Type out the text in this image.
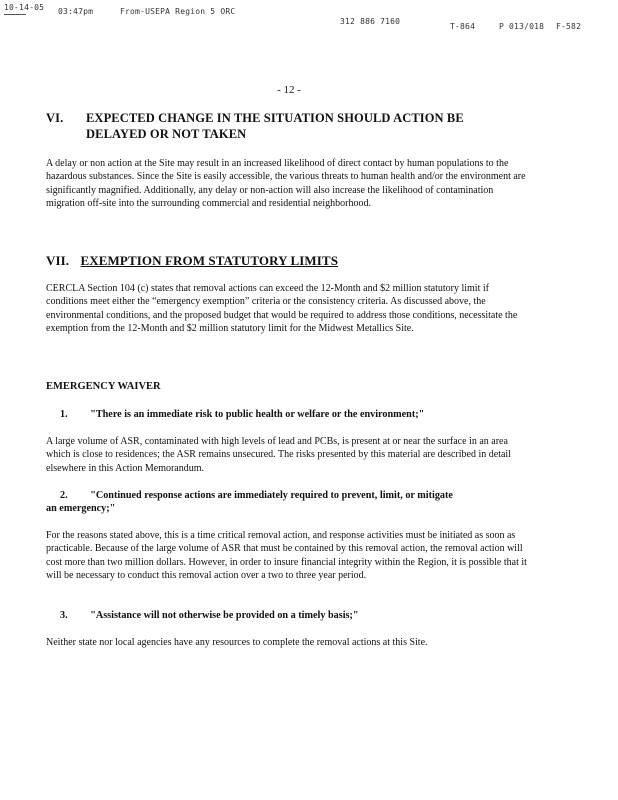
10-14-05 03:47pm	From-USEPA Region 5 ORC
312 886 7160
T-864	P 013/018 F-582
- 12 -
VI. EXPECTED CHANGE IN THE SITUATION SHOULD ACTION BE
DELAYED OR NOT TAKEN
A delay or non action at the Site may result in an increased likelihood of direct contact by human populations to the hazardous substances. Since the Site is easily accessible, the various threats to human health and/or the environment are significantly magnified. Additionally, any delay or non-action will also increase the likelihood of contamination migration off-site into the surrounding commercial and residential neighborhood.
VII. EXEMPTION FROM STATUTORY LIMITS
CERCLA Section 104 (c) states that removal actions can exceed the 12-Month and $2 million statutory limit if conditions meet either the “emergency exemption” criteria or the consistency criteria. As discussed above, the environmental conditions, and the proposed budget that would be required to address those conditions, necessitate the exemption from the 12-Month and $2 million statutory limit for the Midwest Metallics Site.
EMERGENCY WAIVER
1. "There is an immediate risk to public health or welfare or the environment;"
A large volume of ASR, contaminated with high levels of lead and PCBs, is present at or near the surface in an area which is close to residences; the ASR remains unsecured. The risks presented by this material are described in detail elsewhere in this Action Memorandum.
2. "Continued response actions are immediately required to prevent, limit, or mitigate
an emergency;"
For the reasons stated above, this is a time critical removal action, and response activities must be initiated as soon as practicable. Because of the large volume of ASR that must be contained by this removal action, the removal action will cost more than two million dollars. However, in order to insure financial integrity within the Region, it is possible that it will be necessary to conduct this removal action over a two to three year period.
3. "Assistance will not otherwise be provided on a timely basis;"
Neither state nor local agencies have any resources to complete the removal actions at this Site.
